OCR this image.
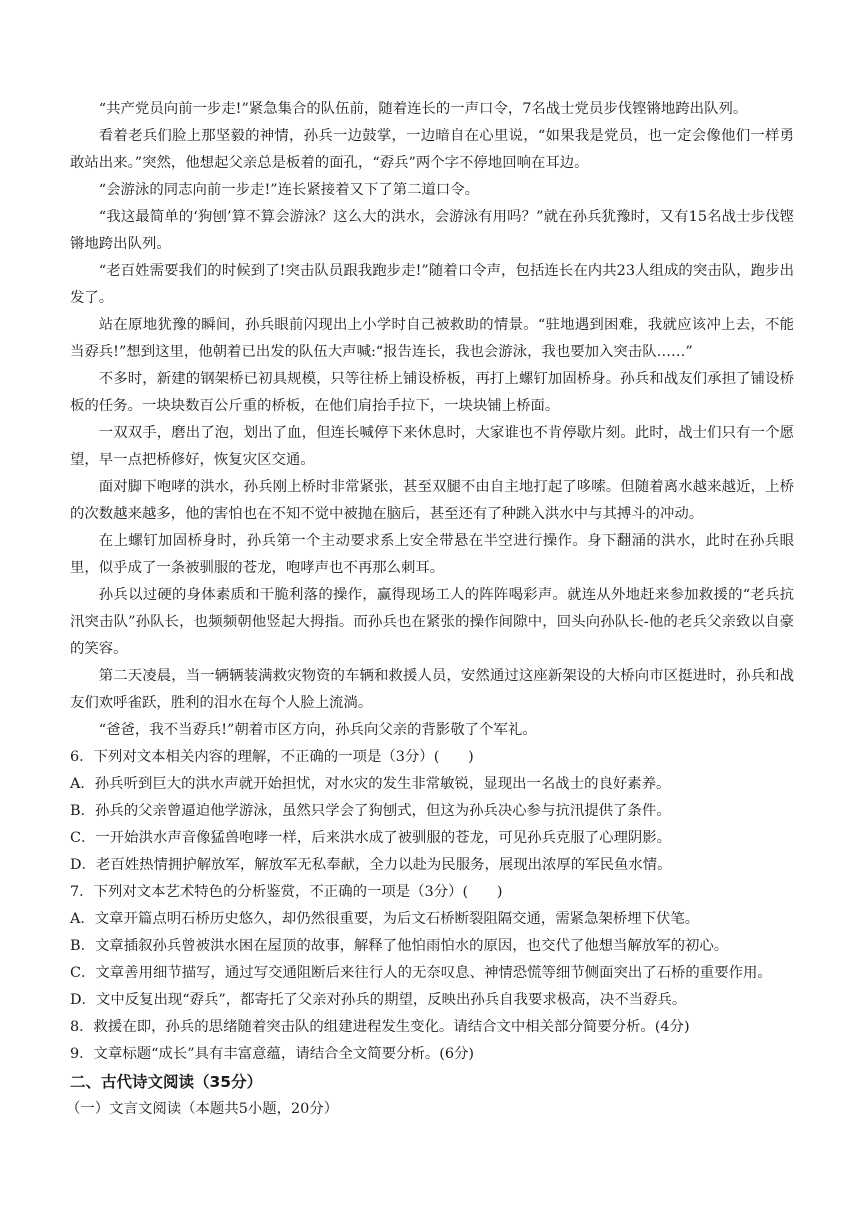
“共产党员向前一步走!”紧急集合的队伍前，随着连长的一声口令，7名战士党员步伐铿锵地跨出队列。

看着老兵们脸上那坚毅的神情，孙兵一边鼓掌，一边暗自在心里说，“如果我是党员，也一定会像他们一样勇敢站出来。”突然，他想起父亲总是板着的面孔，“孬兵”两个字不停地回响在耳边。

“会游泳的同志向前一步走!”连长紧接着又下了第二道口令。

“我这最简单的‘狗刨’算不算会游泳？这么大的洪水，会游泳有用吗？”就在孙兵犹豫时，又有15名战士步伐铿锵地跨出队列。

“老百姓需要我们的时候到了!突击队员跟我跑步走!”随着口令声，包括连长在内共23人组成的突击队，跑步出发了。

站在原地犹豫的瞬间，孙兵眼前闪现出上小学时自己被救助的情景。“驻地遇到困难，我就应该冲上去，不能当孬兵!”想到这里，他朝着已出发的队伍大声喊:“报告连长，我也会游泳，我也要加入突击队……”

不多时，新建的钢架桥已初具规模，只等往桥上铺设桥板，再打上螺钉加固桥身。孙兵和战友们承担了铺设桥板的任务。一块块数百公斤重的桥板，在他们肩抬手拉下，一块块铺上桥面。

一双双手，磨出了泡，划出了血，但连长喊停下来休息时，大家谁也不肯停歇片刻。此时，战士们只有一个愿望，早一点把桥修好，恢复灾区交通。

面对脚下咆哮的洪水，孙兵刚上桥时非常紧张，甚至双腿不由自主地打起了哆嗦。但随着离水越来越近，上桥的次数越来越多，他的害怕也在不知不觉中被抛在脑后，甚至还有了种跳入洪水中与其搏斗的冲动。

在上螺钉加固桥身时，孙兵第一个主动要求系上安全带悬在半空进行操作。身下翻涌的洪水，此时在孙兵眼里，似乎成了一条被驯服的苍龙，咆哮声也不再那么刺耳。

孙兵以过硬的身体素质和干脆利落的操作，赢得现场工人的阵阵喝彩声。就连从外地赶来参加救援的“老兵抗汛突击队”孙队长，也频频朝他竖起大拇指。而孙兵也在紧张的操作间隙中，回头向孙队长-他的老兵父亲致以自豪的笑容。

第二天凌晨，当一辆辆装满救灾物资的车辆和救援人员，安然通过这座新架设的大桥向市区挺进时，孙兵和战友们欢呼雀跃，胜利的泪水在每个人脸上流淌。

“爸爸，我不当孬兵!”朝着市区方向，孙兵向父亲的背影敬了个军礼。

6．下列对文本相关内容的理解，不正确的一项是（3分）(　　)

A．孙兵听到巨大的洪水声就开始担忧，对水灾的发生非常敏锐，显现出一名战士的良好素养。

B．孙兵的父亲曾逼迫他学游泳，虽然只学会了狗刨式，但这为孙兵决心参与抗汛提供了条件。

C．一开始洪水声音像猛兽咆哮一样，后来洪水成了被驯服的苍龙，可见孙兵克服了心理阴影。

D．老百姓热情拥护解放军，解放军无私奉献，全力以赴为民服务，展现出浓厚的军民鱼水情。

7．下列对文本艺术特色的分析鉴赏，不正确的一项是（3分）(　　)

A．文章开篇点明石桥历史悠久，却仍然很重要，为后文石桥断裂阻隔交通，需紧急架桥埋下伏笔。

B．文章插叙孙兵曾被洪水困在屋顶的故事，解释了他怕雨怕水的原因，也交代了他想当解放军的初心。

C．文章善用细节描写，通过写交通阻断后来往行人的无奈叹息、神情恐慌等细节侧面突出了石桥的重要作用。

D．文中反复出现“孬兵”，都寄托了父亲对孙兵的期望，反映出孙兵自我要求极高，决不当孬兵。

8．救援在即，孙兵的思绪随着突击队的组建进程发生变化。请结合文中相关部分简要分析。(4分)

9．文章标题“成长”具有丰富意蕴，请结合全文简要分析。(6分)

二、古代诗文阅读（35分）

（一）文言文阅读（本题共5小题，20分）
